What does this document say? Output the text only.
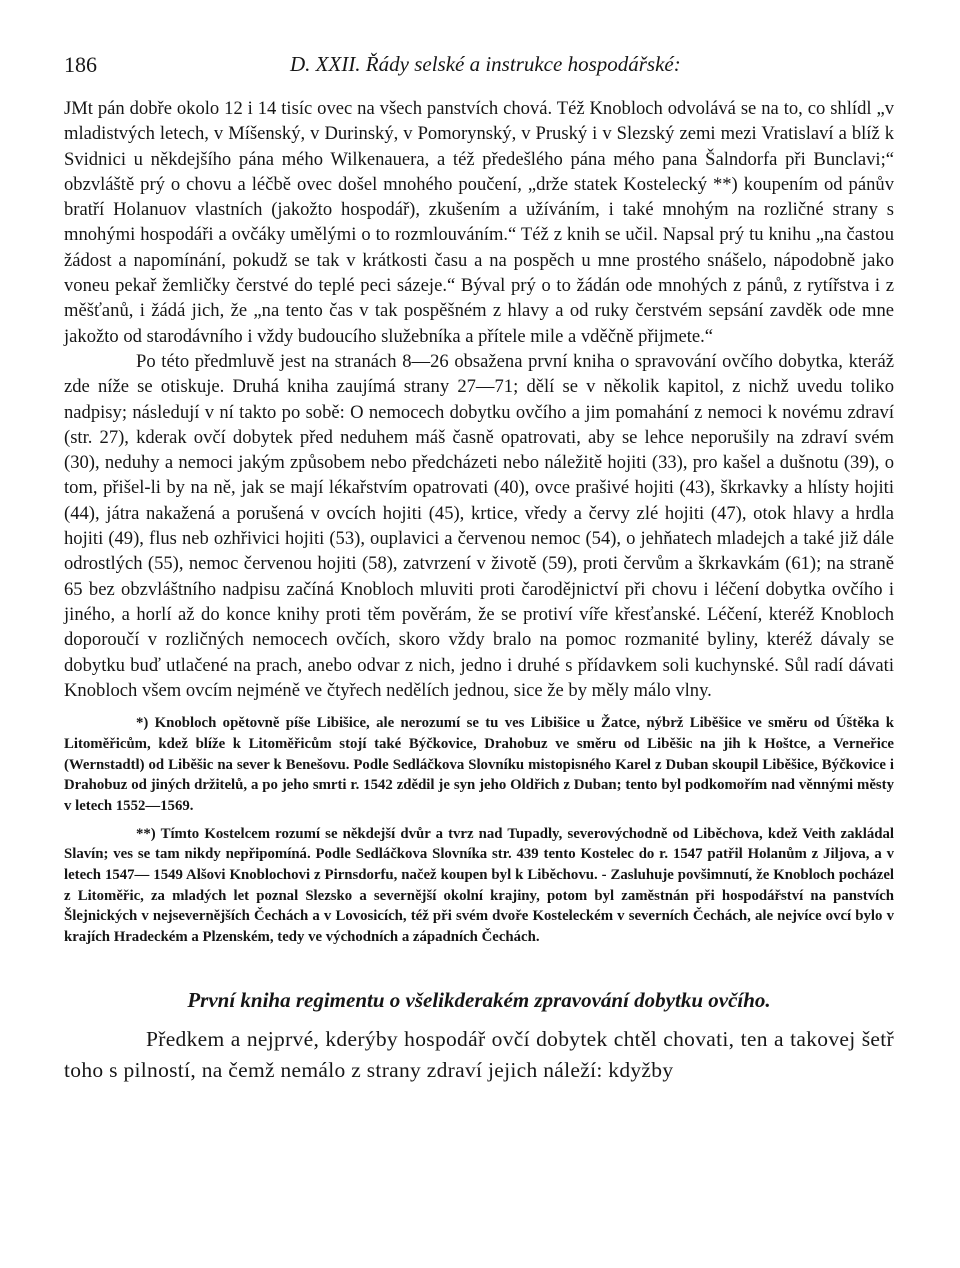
186	D. XXII. Řády selské a instrukce hospodářské:

JMt pán dobře okolo 12 i 14 tisíc ovec na všech panstvích chová. Též Knobloch odvolává se na to, co shlídl „v mladistvých letech, v Míšenský, v Durinský, v Pomorynský, v Pruský i v Slezský zemi mezi Vratislaví a blíž k Svidnici u někdejšího pána mého Wilkenauera, a též předešlého pána mého pana Šalndorfa při Bunclavi;“ obzvláště prý o chovu a léčbě ovec došel mnohého poučení, „drže statek Kostelecký **) koupením od pánův bratří Holanuov vlastních (jakožto hospodář), zkušením a užíváním, i také mnohým na rozličné strany s mnohými hospodáři a ovčáky umělými o to rozmlouváním.“ Též z knih se učil. Napsal prý tu knihu „na častou žádost a napomínání, pokudž se tak v krátkosti času a na pospěch u mne prostého snášelo, nápodobně jako voneu pekař žemličky čerstvé do teplé peci sázeje.“ Býval prý o to žádán ode mnohých z pánů, z rytířstva i z měšťanů, i žádá jich, že „na tento čas v tak pospěšném z hlavy a od ruky čerstvém sepsání zavděk ode mne jakožto od starodávního i vždy budoucího služebníka a přítele mile a vděčně přijmete.“

Po této předmluvě jest na stranách 8—26 obsažena první kniha o spravování ovčího dobytka, kteráž zde níže se otiskuje. Druhá kniha zaujímá strany 27—71; dělí se v několik kapitol, z nichž uvedu toliko nadpisy; následují v ní takto po sobě: O nemocech dobytku ovčího a jim pomahání z nemoci k novému zdraví (str. 27), kderak ovčí dobytek před neduhem máš časně opatrovati, aby se lehce neporušily na zdraví svém (30), neduhy a nemoci jakým způsobem nebo předcházeti nebo náležitě hojiti (33), pro kašel a dušnotu (39), o tom, přišel-li by na ně, jak se mají lékařstvím opatrovati (40), ovce prašivé hojiti (43), škrkavky a hlísty hojiti (44), játra nakažená a porušená v ovcích hojiti (45), krtice, vředy a červy zlé hojiti (47), otok hlavy a hrdla hojiti (49), flus neb ozhřivici hojiti (53), ouplavici a červenou nemoc (54), o jehňatech mladejch a také již dále odrostlých (55), nemoc červenou hojiti (58), zatvrzení v životě (59), proti červům a škrkavkám (61); na straně 65 bez obzvláštního nadpisu začíná Knobloch mluviti proti čarodějnictví při chovu i léčení dobytka ovčího i jiného, a horlí až do konce knihy proti těm pověrám, že se protiví víře křesťanské. Léčení, kteréž Knobloch doporoučí v rozličných nemocech ovčích, skoro vždy bralo na pomoc rozmanité byliny, kteréž dávaly se dobytku buď utlačené na prach, anebo odvar z nich, jedno i druhé s přídavkem soli kuchynské. Sůl radí dávati Knobloch všem ovcím nejméně ve čtyřech nedělích jednou, sice že by měly málo vlny.

*) Knobloch opětovně píše Libišice, ale nerozumí se tu ves Libišice u Žatce, nýbrž Liběšice ve směru od Úštěka k Litoměřicům, kdež blíže k Litoměřicům stojí také Býčkovice, Drahobuz ve směru od Liběšic na jih k Hoštce, a Verneřice (Wernstadtl) od Liběšic na sever k Benešovu. Podle Sedláčkova Slovníku mistopisného Karel z Duban skoupil Liběšice, Býčkovice i Drahobuz od jiných držitelů, a po jeho smrti r. 1542 zdědil je syn jeho Oldřich z Duban; tento byl podkomořím nad věnnými městy v letech 1552—1569.

**) Tímto Kostelcem rozumí se někdejší dvůr a tvrz nad Tupadly, severovýchodně od Liběchova, kdež Veith zakládal Slavín; ves se tam nikdy nepřipomíná. Podle Sedláčkova Slovníka str. 439 tento Kostelec do r. 1547 patřil Holanům z Jiljova, a v letech 1547— 1549 Alšovi Knoblochovi z Pirnsdorfu, načež koupen byl k Liběchovu. - Zasluhuje povšimnutí, že Knobloch pocházel z Litoměřic, za mladých let poznal Slezsko a severnější okolní krajiny, potom byl zaměstnán při hospodářství na panstvích Šlejnických v nejsevernějších Čechách a v Lovosicích, též při svém dvoře Kosteleckém v severních Čechách, ale nejvíce ovcí bylo v krajích Hradeckém a Plzenském, tedy ve východních a západních Čechách.

První kniha regimentu o všelikderakém zpravování dobytku ovčího.

Předkem a nejprvé, kderýby hospodář ovčí dobytek chtěl chovati, ten a takovej šetř toho s pilností, na čemž nemálo z strany zdraví jejich náleží: kdyžby
